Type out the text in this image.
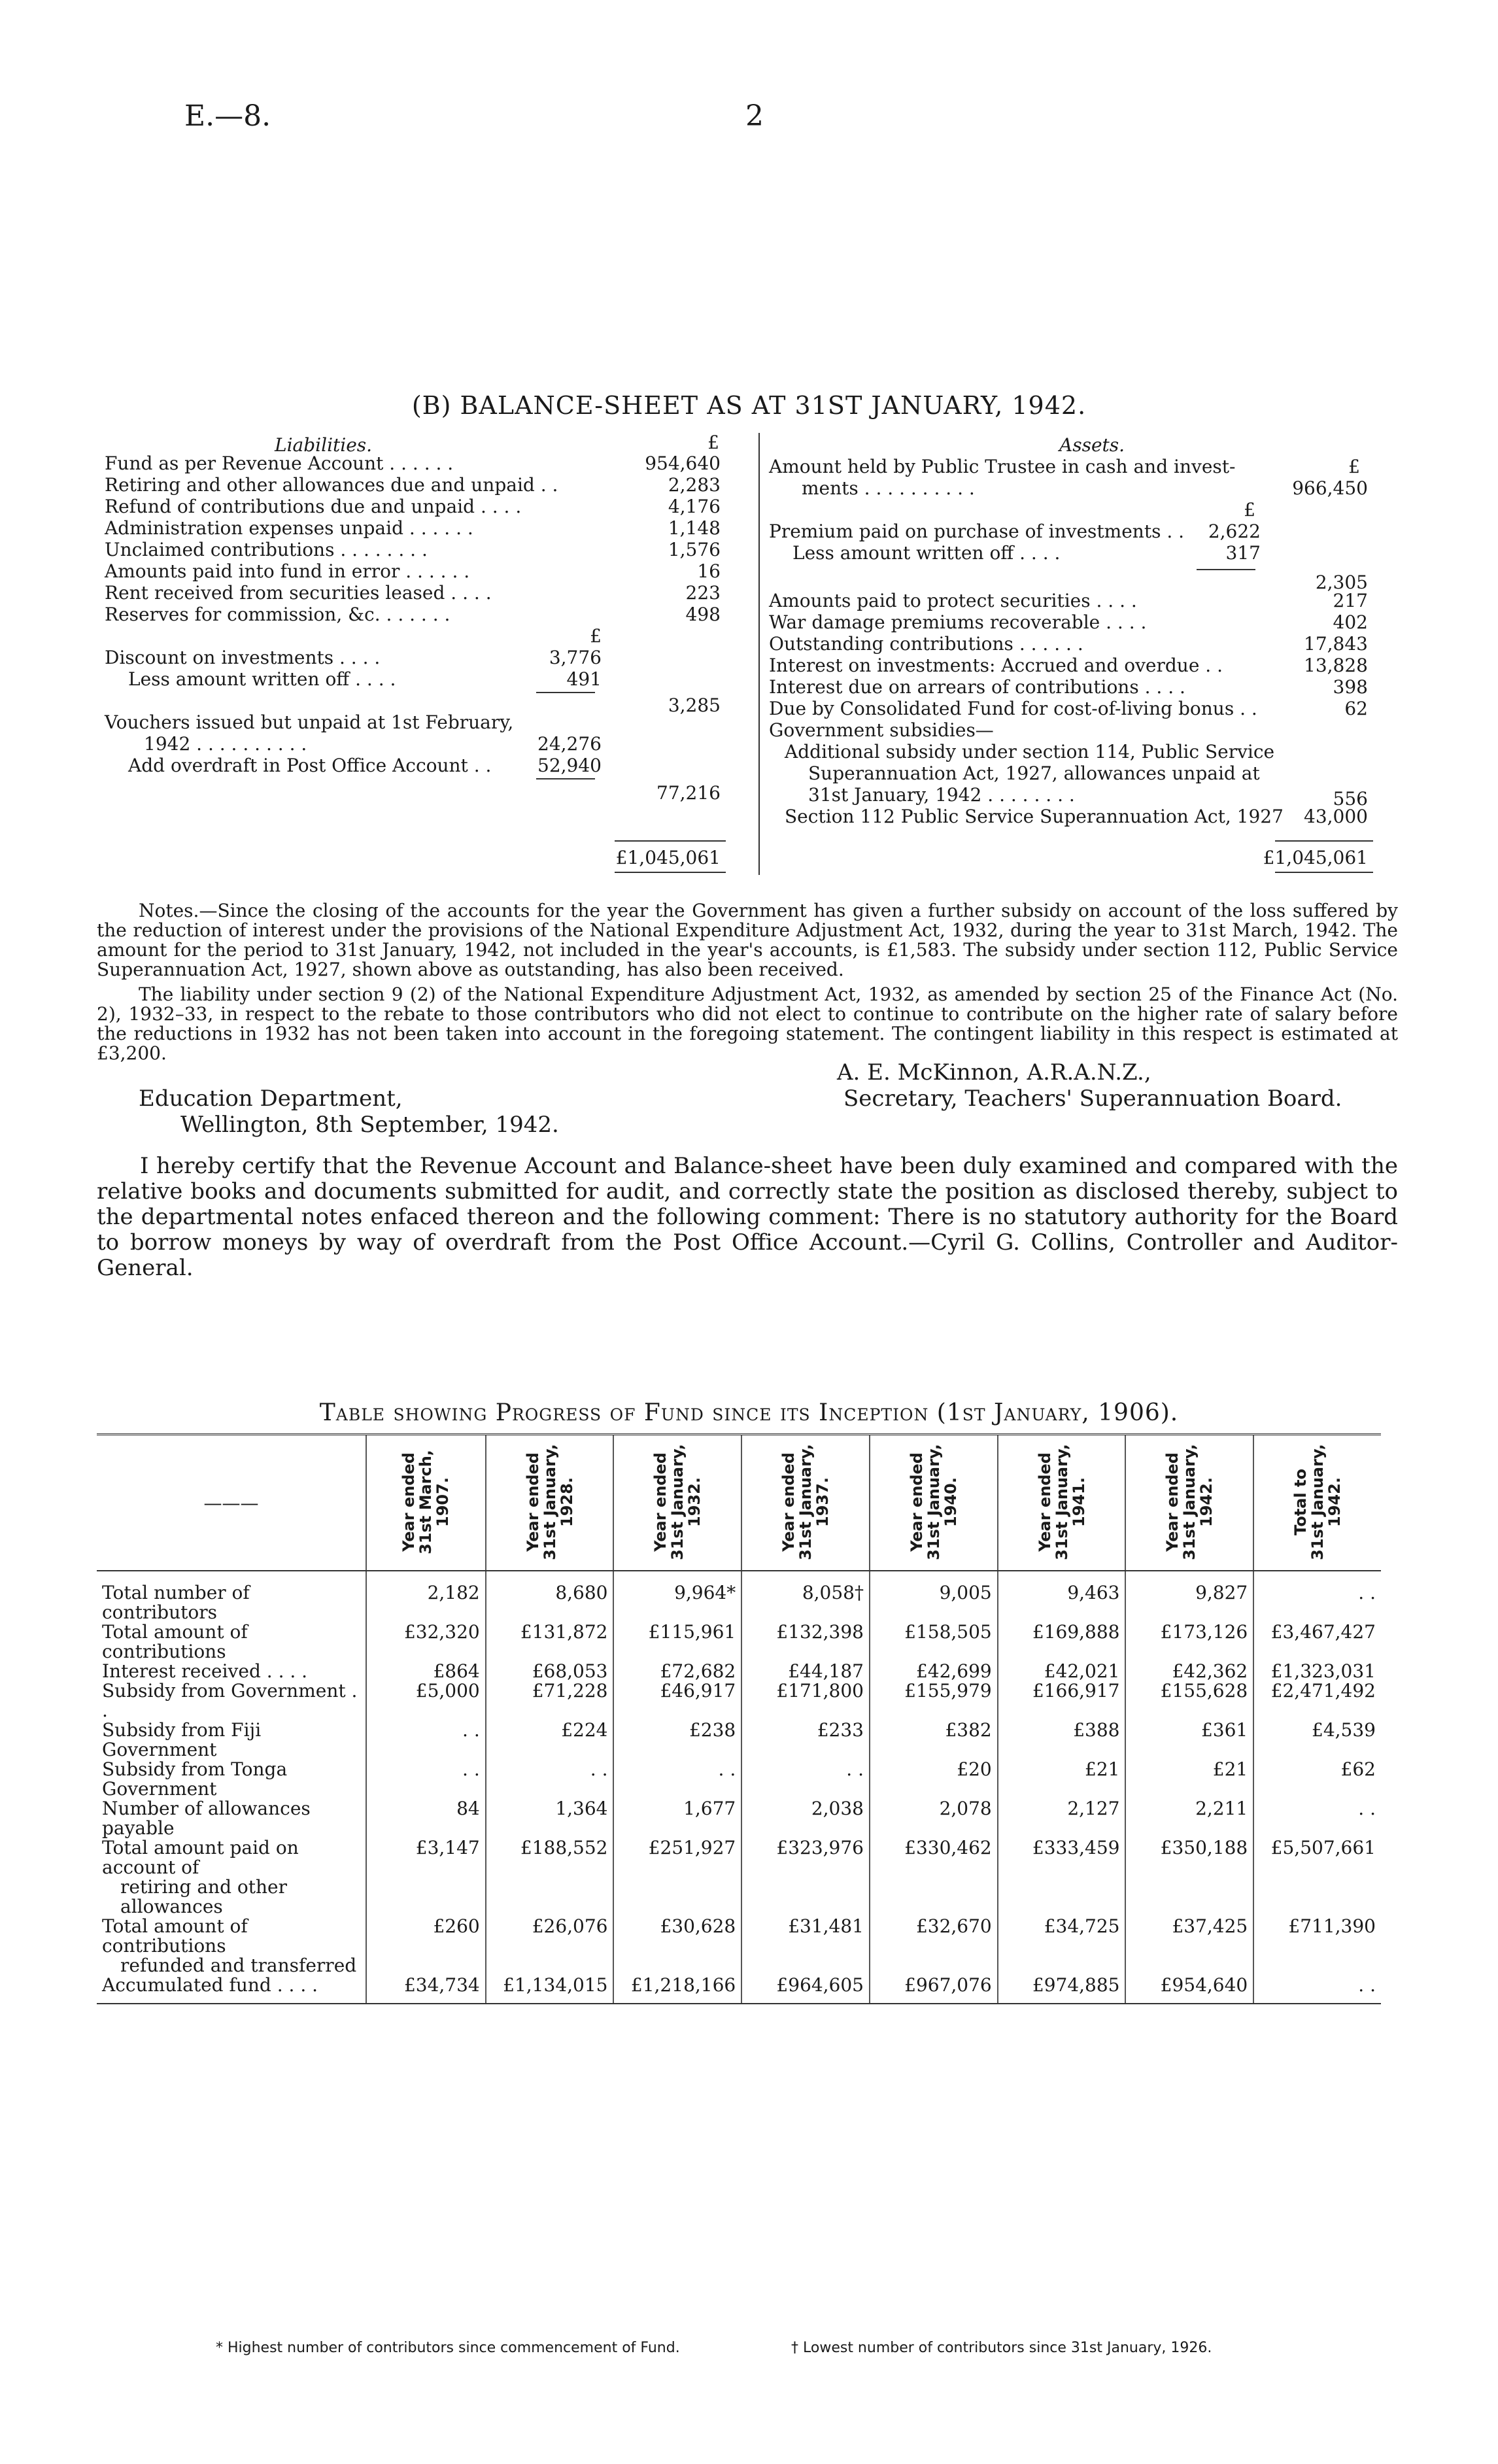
E.—8.	2
(B) BALANCE-SHEET AS AT 31ST JANUARY, 1942.
Liabilities.	£
Fund as per Revenue Account . . . . . .	954,640
Retiring and other allowances due and unpaid . .	2,283
Refund of contributions due and unpaid . . . .	4,176
Administration expenses unpaid . . . . . .	1,148
Unclaimed contributions . . . . . . . .	1,576
Amounts paid into fund in error . . . . . .	16
Rent received from securities leased . . . .	223
Reserves for commission, &c. . . . . . .	498
£
Discount on investments . . . .	3,776
Less amount written off . . . .	491
3,285
Vouchers issued but unpaid at 1st February,
1942 . . . . . . . . . .	24,276
Add overdraft in Post Office Account . .	52,940
77,216
£1,045,061
Assets.
Amount held by Public Trustee in cash and invest-	£
ments . . . . . . . . . .	966,450
£
Premium paid on purchase of investments . .	2,622
Less amount written off . . . .	317
2,305
Amounts paid to protect securities . . . .	217
War damage premiums recoverable . . . .	402
Outstanding contributions . . . . . .	17,843
Interest on investments: Accrued and overdue . .	13,828
Interest due on arrears of contributions . . . .	398
Due by Consolidated Fund for cost-of-living bonus . .	62
Government subsidies—
Additional subsidy under section 114, Public Service
Superannuation Act, 1927, allowances unpaid at
31st January, 1942 . . . . . . . .	556
Section 112 Public Service Superannuation Act, 1927	43,000
£1,045,061

Notes.—Since the closing of the accounts for the year the Government has given a further subsidy on account of the loss suffered by the reduction of interest under the provisions of the National Expenditure Adjustment Act, 1932, during the year to 31st March, 1942. The amount for the period to 31st January, 1942, not included in the year's accounts, is £1,583. The subsidy under section 112, Public Service Superannuation Act, 1927, shown above as outstanding, has also been received.

The liability under section 9 (2) of the National Expenditure Adjustment Act, 1932, as amended by section 25 of the Finance Act (No. 2), 1932–33, in respect to the rebate to those contributors who did not elect to continue to contribute on the higher rate of salary before the reductions in 1932 has not been taken into account in the foregoing statement. The contingent liability in this respect is estimated at £3,200.

A. E. McKinnon, A.R.A.N.Z.,
Secretary, Teachers' Superannuation Board.
Education Department,
Wellington, 8th September, 1942.
I hereby certify that the Revenue Account and Balance-sheet have been duly examined and compared with the relative books and documents submitted for audit, and correctly state the position as disclosed thereby, subject to the departmental notes enfaced thereon and the following comment: There is no statutory authority for the Board to borrow moneys by way of overdraft from the Post Office Account.—Cyril G. Collins, Controller and Auditor-General.
Table showing Progress of Fund since its Inception (1st January, 1906).
———	Year ended
31st March,
1907.	Year ended
31st January,
1928.	Year ended
31st January,
1932.	Year ended
31st January,
1937.	Year ended
31st January,
1940.	Year ended
31st January,
1941.	Year ended
31st January,
1942.	Total to
31st January,
1942.
Total number of contributors	2,182	8,680	9,964*	8,058†	9,005	9,463	9,827	. .
Total amount of contributions	£32,320	£131,872	£115,961	£132,398	£158,505	£169,888	£173,126	£3,467,427
Interest received . . . .	£864	£68,053	£72,682	£44,187	£42,699	£42,021	£42,362	£1,323,031
Subsidy from Government . .	£5,000	£71,228	£46,917	£171,800	£155,979	£166,917	£155,628	£2,471,492
Subsidy from Fiji Government	. .	£224	£238	£233	£382	£388	£361	£4,539
Subsidy from Tonga Government	. .	. .	. .	. .	£20	£21	£21	£62
Number of allowances payable	84	1,364	1,677	2,038	2,078	2,127	2,211	. .
Total amount paid on account of
retiring and other allowances	£3,147	£188,552	£251,927	£323,976	£330,462	£333,459	£350,188	£5,507,661
Total amount of contributions
refunded and transferred	£260	£26,076	£30,628	£31,481	£32,670	£34,725	£37,425	£711,390
Accumulated fund . . . .	£34,734	£1,134,015	£1,218,166	£964,605	£967,076	£974,885	£954,640	. .
* Highest number of contributors since commencement of Fund.	† Lowest number of contributors since 31st January, 1926.
